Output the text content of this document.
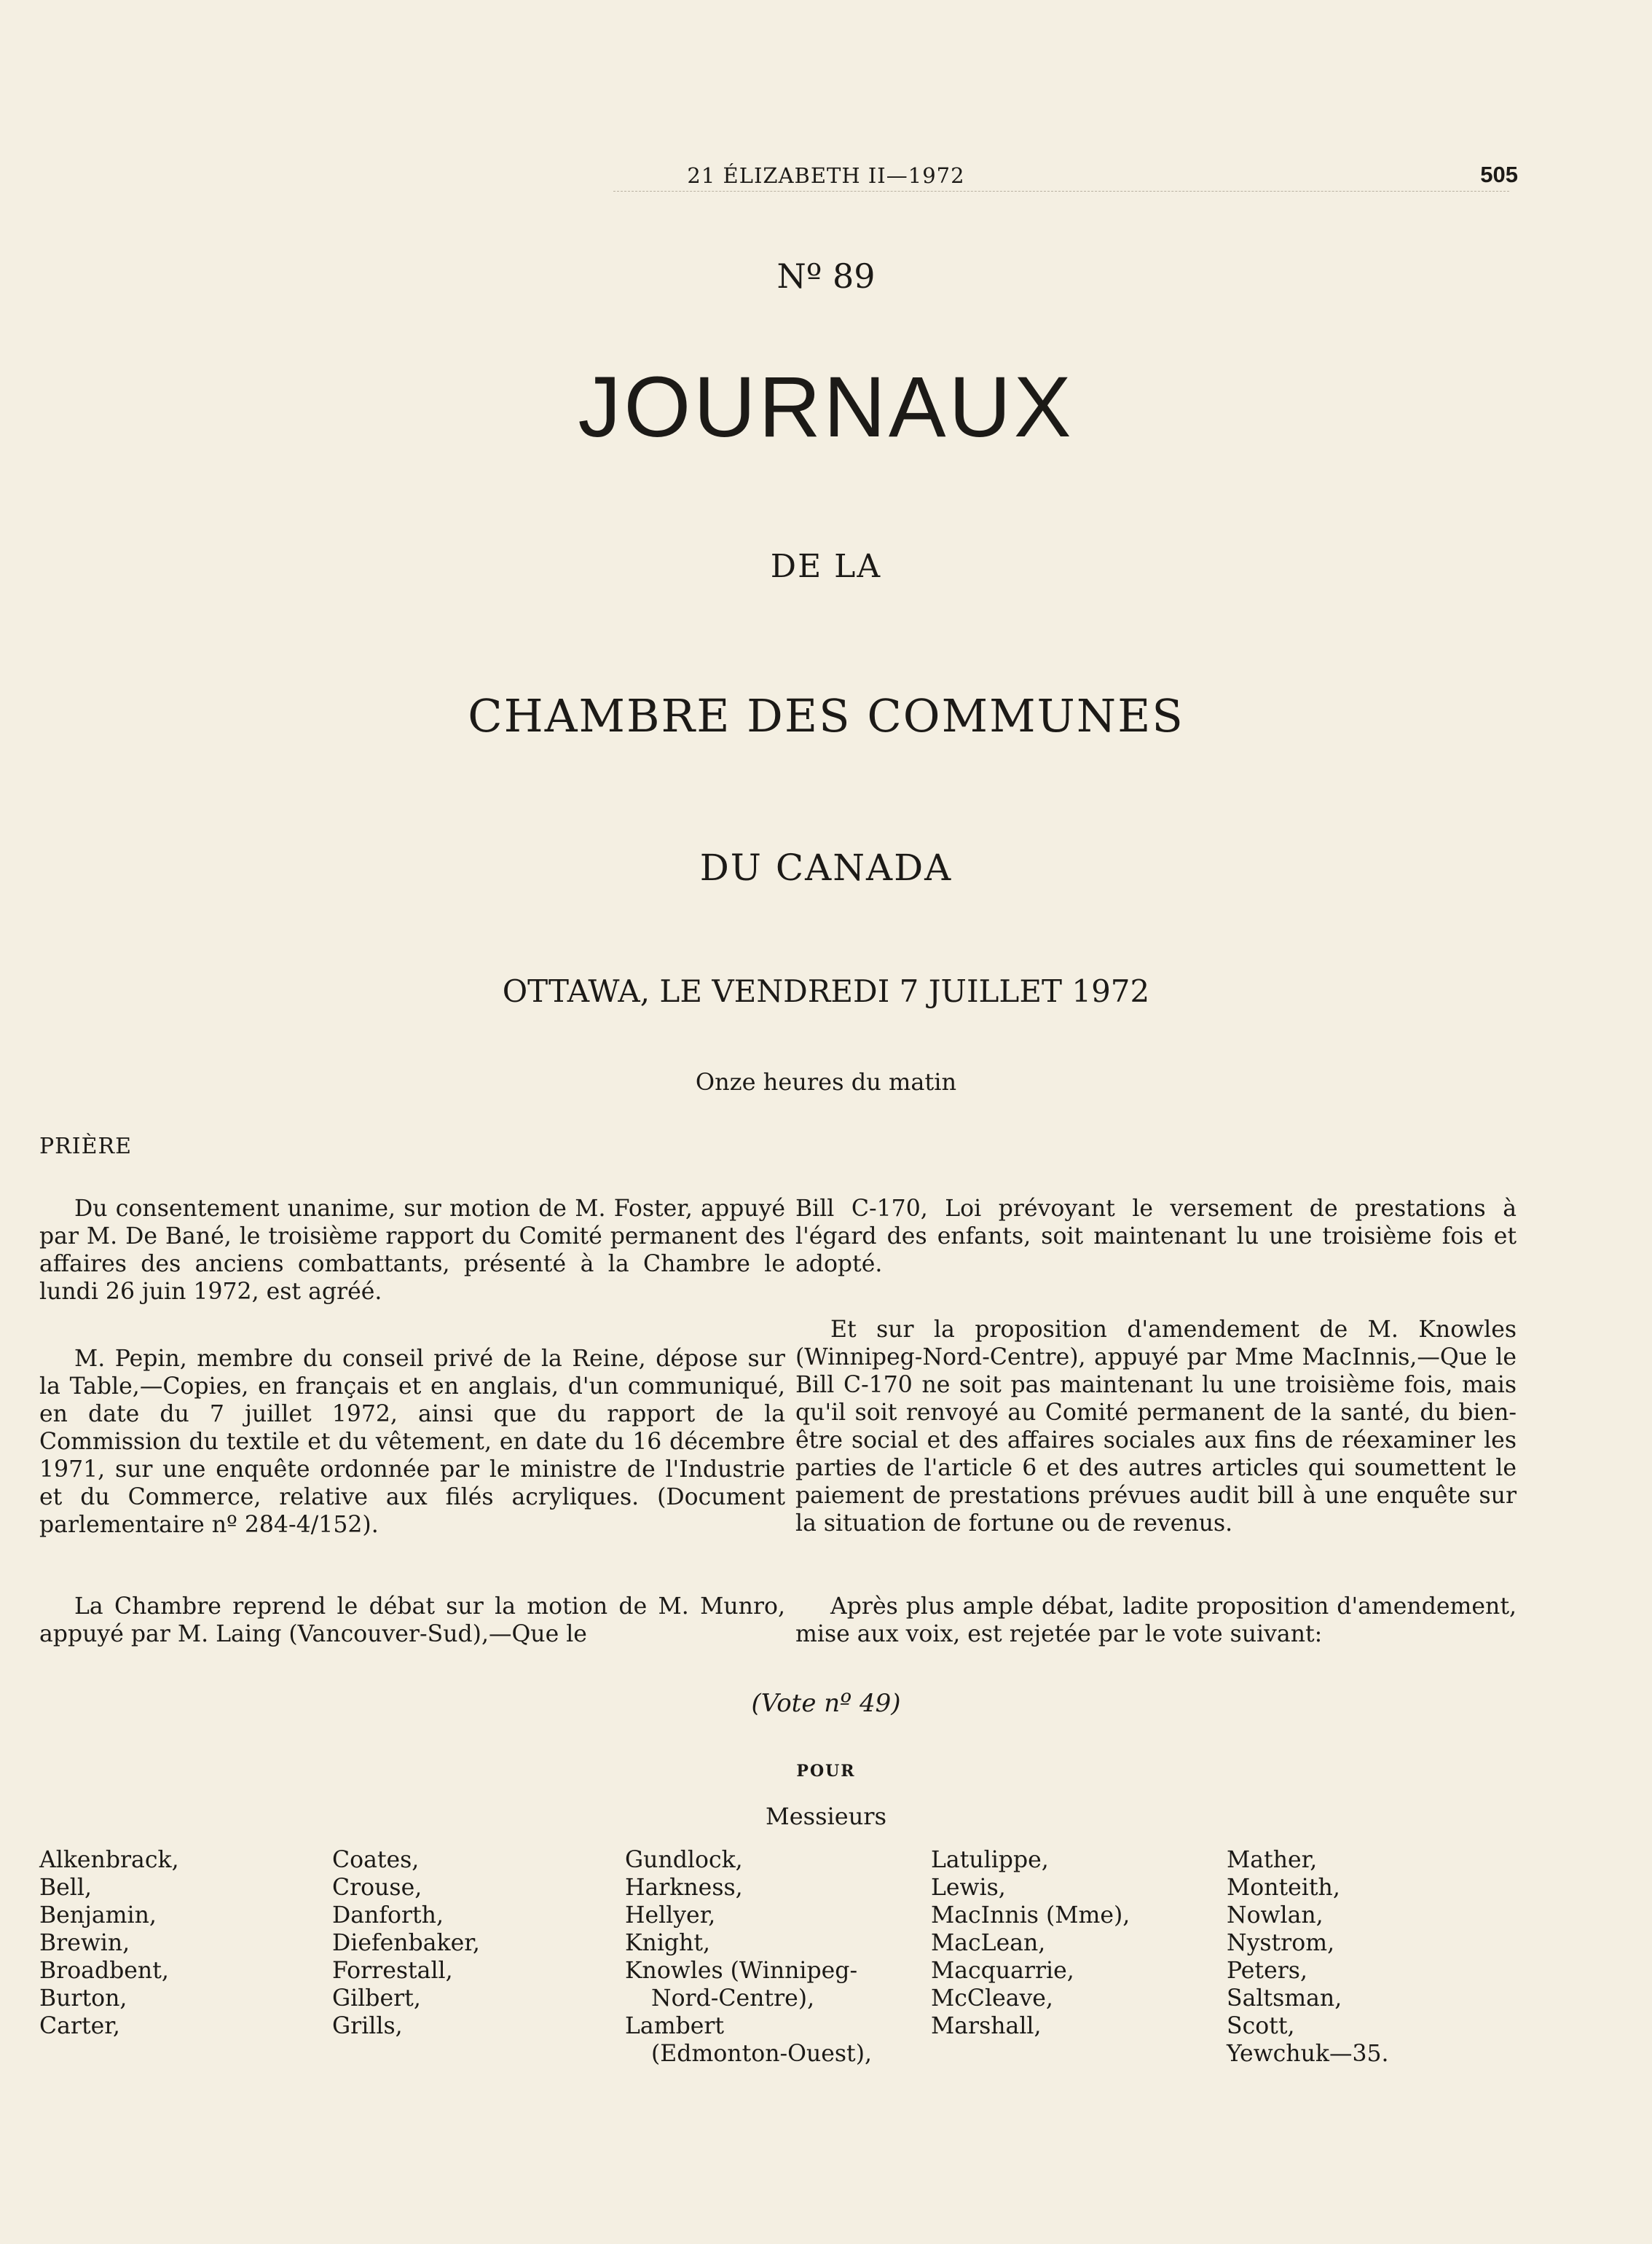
21 ÉLIZABETH II—1972	505
Nº 89
JOURNAUX
DE LA
CHAMBRE DES COMMUNES
DU CANADA
OTTAWA, LE VENDREDI 7 JUILLET 1972
Onze heures du matin
PRIÈRE

Du consentement unanime, sur motion de M. Foster, appuyé par M. De Bané, le troisième rapport du Comité permanent des affaires des anciens combattants, présenté à la Chambre le lundi 26 juin 1972, est agréé.

M. Pepin, membre du conseil privé de la Reine, dépose sur la Table,—Copies, en français et en anglais, d'un communiqué, en date du 7 juillet 1972, ainsi que du rapport de la Commission du textile et du vêtement, en date du 16 décembre 1971, sur une enquête ordonnée par le ministre de l'Industrie et du Commerce, relative aux filés acryliques. (Document parlementaire nº 284-4/152).

La Chambre reprend le débat sur la motion de M. Munro, appuyé par M. Laing (Vancouver-Sud),—Que le

Bill C-170, Loi prévoyant le versement de prestations à l'égard des enfants, soit maintenant lu une troisième fois et adopté.

Et sur la proposition d'amendement de M. Knowles (Winnipeg-Nord-Centre), appuyé par Mme MacInnis,—Que le Bill C-170 ne soit pas maintenant lu une troisième fois, mais qu'il soit renvoyé au Comité permanent de la santé, du bien-être social et des affaires sociales aux fins de réexaminer les parties de l'article 6 et des autres articles qui soumettent le paiement de prestations prévues audit bill à une enquête sur la situation de fortune ou de revenus.

Après plus ample débat, ladite proposition d'amendement, mise aux voix, est rejetée par le vote suivant:

(Vote nº 49)
POUR
Messieurs
Alkenbrack,
Bell,
Benjamin,
Brewin,
Broadbent,
Burton,
Carter,
Coates,
Crouse,
Danforth,
Diefenbaker,
Forrestall,
Gilbert,
Grills,
Gundlock,
Harkness,
Hellyer,
Knight,
Knowles (Winnipeg-
Nord-Centre),
Lambert
(Edmonton-Ouest),
Latulippe,
Lewis,
MacInnis (Mme),
MacLean,
Macquarrie,
McCleave,
Marshall,
Mather,
Monteith,
Nowlan,
Nystrom,
Peters,
Saltsman,
Scott,
Yewchuk—35.
